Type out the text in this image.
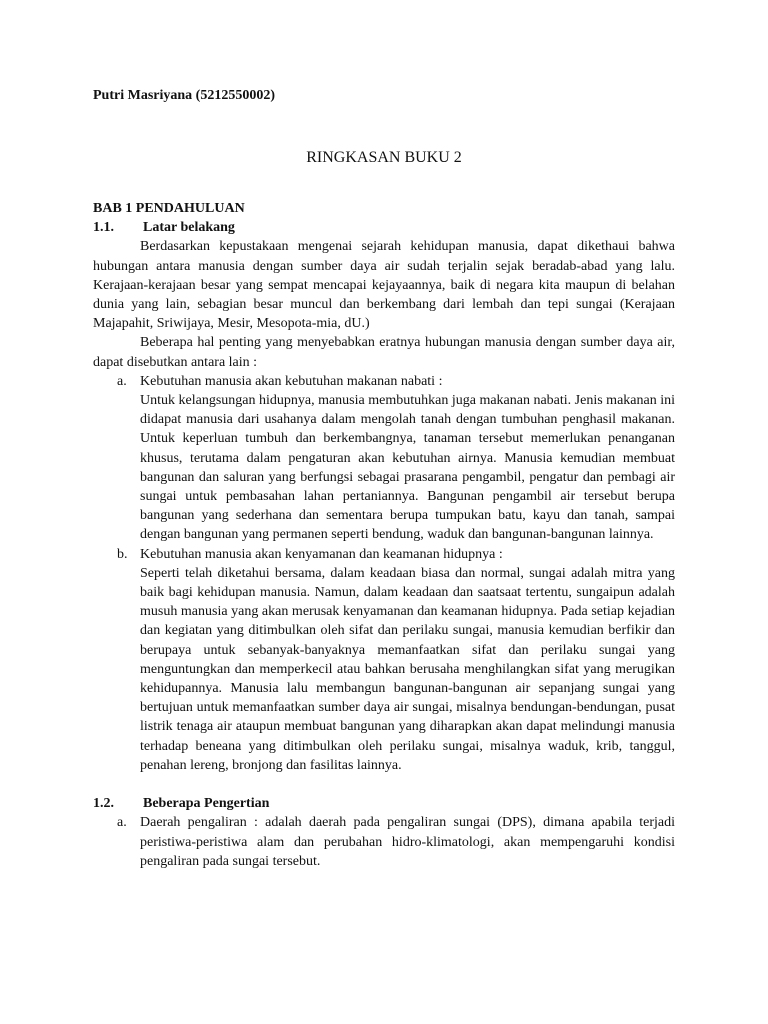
Putri Masriyana (5212550002)
RINGKASAN BUKU 2
BAB 1 PENDAHULUAN
1.1.	Latar belakang

Berdasarkan kepustakaan mengenai sejarah kehidupan manusia, dapat dikethaui bahwa hubungan antara manusia dengan sumber daya air sudah terjalin sejak beradab-abad yang lalu. Kerajaan-kerajaan besar yang sempat mencapai kejayaannya, baik di negara kita maupun di belahan dunia yang lain, sebagian besar muncul dan berkembang dari lembah dan tepi sungai (Kerajaan Majapahit, Sriwijaya, Mesir, Mesopota-mia, dU.)

Beberapa hal penting yang menyebabkan eratnya hubungan manusia dengan sumber daya air, dapat disebutkan antara lain :

a. Kebutuhan manusia akan kebutuhan makanan nabati :
Untuk kelangsungan hidupnya, manusia membutuhkan juga makanan nabati. Jenis makanan ini didapat manusia dari usahanya dalam mengolah tanah dengan tumbuhan penghasil makanan. Untuk keperluan tumbuh dan berkembangnya, tanaman tersebut memerlukan penanganan khusus, terutama dalam pengaturan akan kebutuhan airnya. Manusia kemudian membuat bangunan dan saluran yang berfungsi sebagai prasarana pengambil, pengatur dan pembagi air sungai untuk pembasahan lahan pertaniannya. Bangunan pengambil air tersebut berupa bangunan yang sederhana dan sementara berupa tumpukan batu, kayu dan tanah, sampai dengan bangunan yang permanen seperti bendung, waduk dan bangunan-bangunan lainnya.
b. Kebutuhan manusia akan kenyamanan dan keamanan hidupnya :
Seperti telah diketahui bersama, dalam keadaan biasa dan normal, sungai adalah mitra yang baik bagi kehidupan manusia. Namun, dalam keadaan dan saatsaat tertentu, sungaipun adalah musuh manusia yang akan merusak kenyamanan dan keamanan hidupnya. Pada setiap kejadian dan kegiatan yang ditimbulkan oleh sifat dan perilaku sungai, manusia kemudian berfikir dan berupaya untuk sebanyak-banyaknya memanfaatkan sifat dan perilaku sungai yang menguntungkan dan memperkecil atau bahkan berusaha menghilangkan sifat yang merugikan kehidupannya. Manusia lalu membangun bangunan-bangunan air sepanjang sungai yang bertujuan untuk memanfaatkan sumber daya air sungai, misalnya bendungan-bendungan, pusat listrik tenaga air ataupun membuat bangunan yang diharapkan akan dapat melindungi manusia terhadap beneana yang ditimbulkan oleh perilaku sungai, misalnya waduk, krib, tanggul, penahan lereng, bronjong dan fasilitas lainnya.
1.2.	Beberapa Pengertian
a. Daerah pengaliran : adalah daerah pada pengaliran sungai (DPS), dimana apabila terjadi peristiwa-peristiwa alam dan perubahan hidro-klimatologi, akan mempengaruhi kondisi pengaliran pada sungai tersebut.
